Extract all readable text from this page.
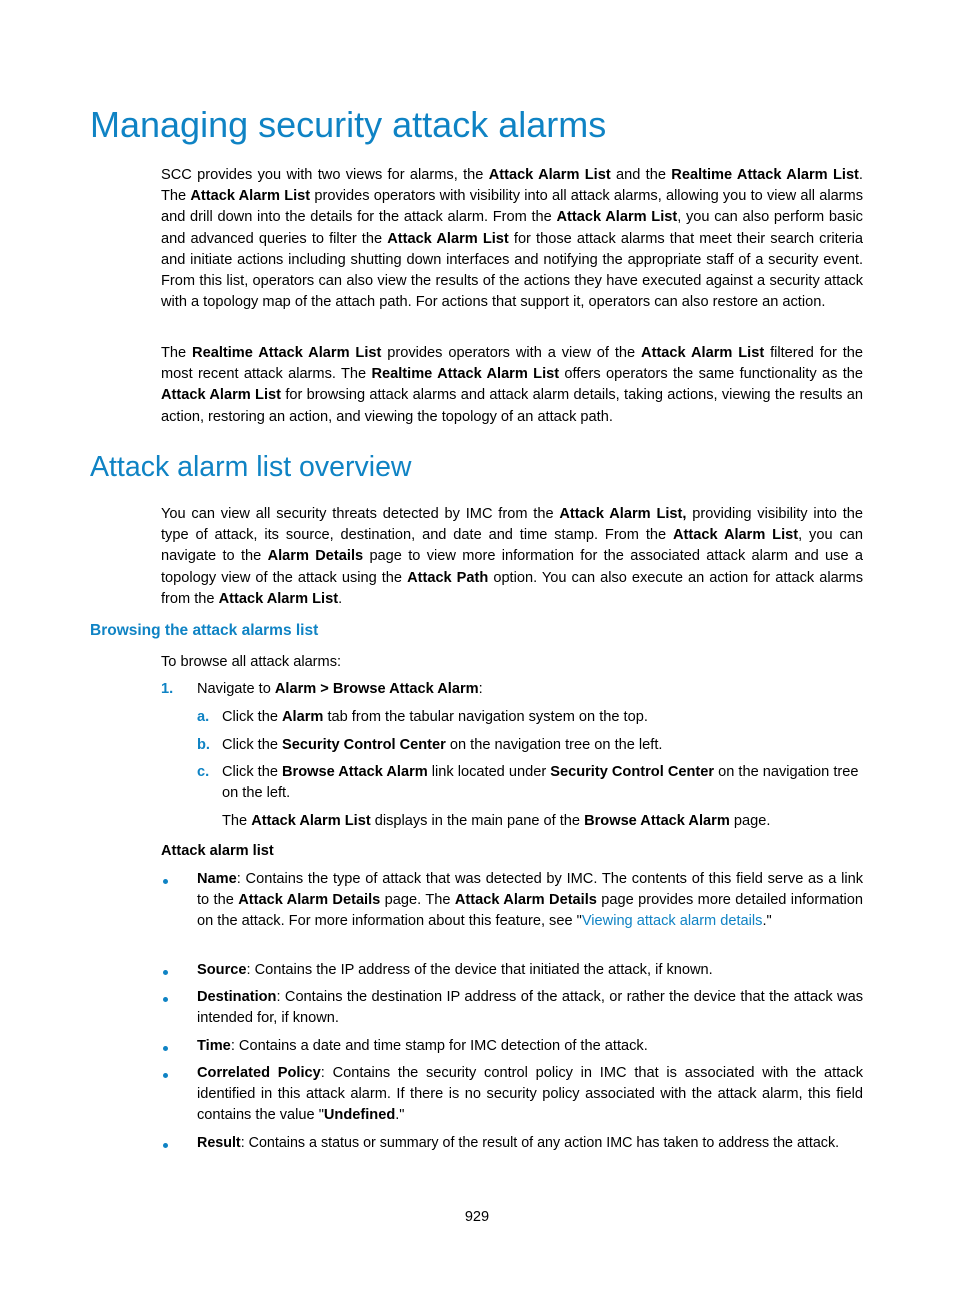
Managing security attack alarms

SCC provides you with two views for alarms, the Attack Alarm List and the Realtime Attack Alarm List. The Attack Alarm List provides operators with visibility into all attack alarms, allowing you to view all alarms and drill down into the details for the attack alarm. From the Attack Alarm List, you can also perform basic and advanced queries to filter the Attack Alarm List for those attack alarms that meet their search criteria and initiate actions including shutting down interfaces and notifying the appropriate staff of a security event. From this list, operators can also view the results of the actions they have executed against a security attack with a topology map of the attach path. For actions that support it, operators can also restore an action.

The Realtime Attack Alarm List provides operators with a view of the Attack Alarm List filtered for the most recent attack alarms. The Realtime Attack Alarm List offers operators the same functionality as the Attack Alarm List for browsing attack alarms and attack alarm details, taking actions, viewing the results an action, restoring an action, and viewing the topology of an attack path.

Attack alarm list overview

You can view all security threats detected by IMC from the Attack Alarm List, providing visibility into the type of attack, its source, destination, and date and time stamp. From the Attack Alarm List, you can navigate to the Alarm Details page to view more information for the associated attack alarm and use a topology view of the attack using the Attack Path option. You can also execute an action for attack alarms from the Attack Alarm List.

Browsing the attack alarms list

To browse all attack alarms:

1. Navigate to Alarm > Browse Attack Alarm:

a. Click the Alarm tab from the tabular navigation system on the top.

b. Click the Security Control Center on the navigation tree on the left.

c. Click the Browse Attack Alarm link located under Security Control Center on the navigation tree on the left.

The Attack Alarm List displays in the main pane of the Browse Attack Alarm page.

Attack alarm list

Name: Contains the type of attack that was detected by IMC. The contents of this field serve as a link to the Attack Alarm Details page. The Attack Alarm Details page provides more detailed information on the attack. For more information about this feature, see "Viewing attack alarm details."

Source: Contains the IP address of the device that initiated the attack, if known.

Destination: Contains the destination IP address of the attack, or rather the device that the attack was intended for, if known.

Time: Contains a date and time stamp for IMC detection of the attack.

Correlated Policy: Contains the security control policy in IMC that is associated with the attack identified in this attack alarm. If there is no security policy associated with the attack alarm, this field contains the value "Undefined."

Result: Contains a status or summary of the result of any action IMC has taken to address the attack.

929
